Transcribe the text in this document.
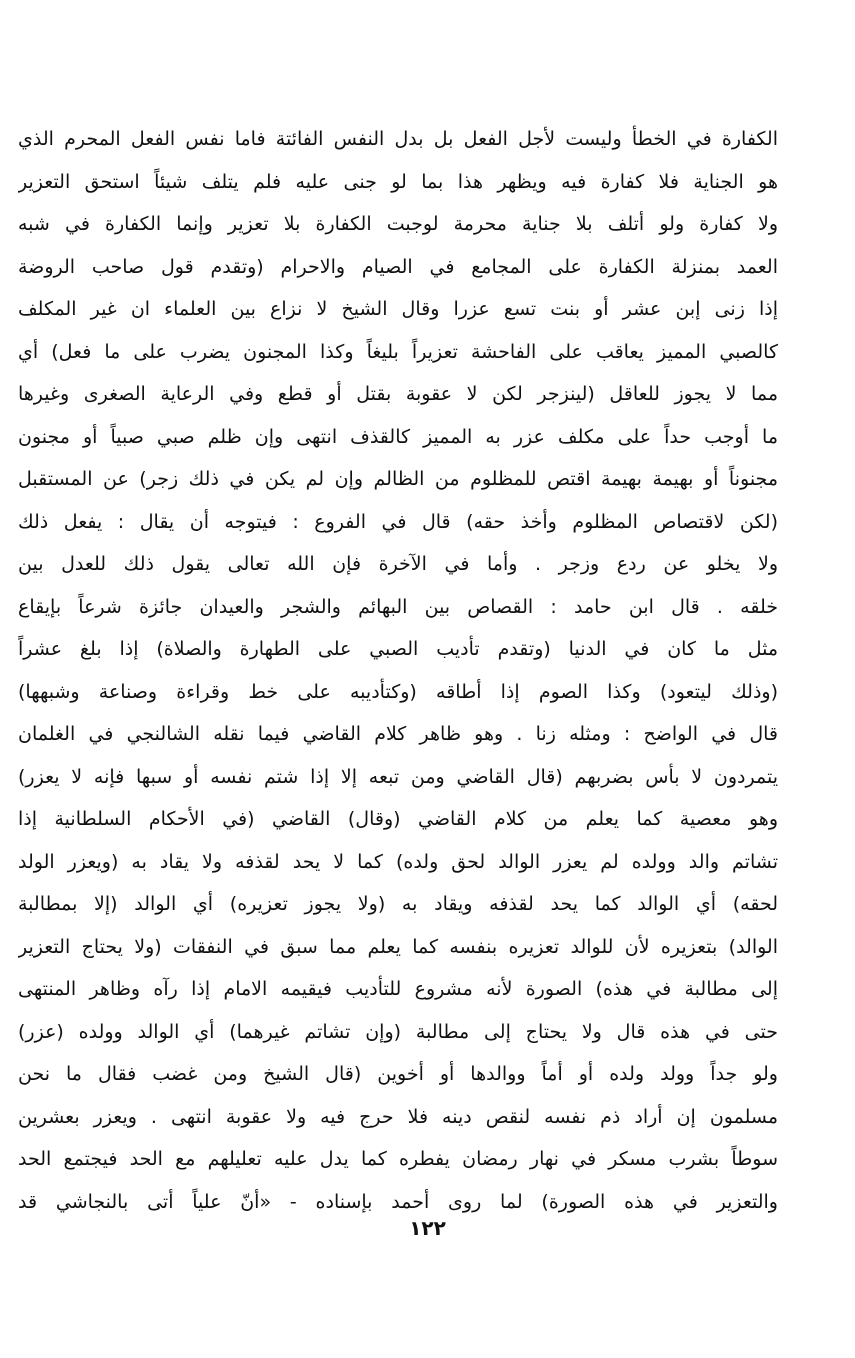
الكفارة في الخطأ وليست لأجل الفعل بل بدل النفس الفائتة فاما نفس الفعل المحرم الذي
هو الجناية فلا كفارة فيه ويظهر هذا بما لو جنى عليه فلم يتلف شيئاً استحق التعزير
ولا كفارة ولو أتلف بلا جناية محرمة لوجبت الكفارة بلا تعزير وإنما الكفارة في شبه
العمد بمنزلة الكفارة على المجامع في الصيام والاحرام (وتقدم قول صاحب الروضة
إذا زنى إبن عشر أو بنت تسع عزرا وقال الشيخ لا نزاع بين العلماء ان غير المكلف
كالصبي المميز يعاقب على الفاحشة تعزيراً بليغاً وكذا المجنون يضرب على ما فعل) أي
مما لا يجوز للعاقل (لينزجر لكن لا عقوبة بقتل أو قطع وفي الرعاية الصغرى وغيرها
ما أوجب حداً على مكلف عزر به المميز كالقذف انتهى وإن ظلم صبي صبياً أو مجنون
مجنوناً أو بهيمة بهيمة اقتص للمظلوم من الظالم وإن لم يكن في ذلك زجر) عن المستقبل
(لكن لاقتصاص المظلوم وأخذ حقه) قال في الفروع : فيتوجه أن يقال : يفعل ذلك
ولا يخلو عن ردع وزجر . وأما في الآخرة فإن الله تعالى يقول ذلك للعدل بين
خلقه . قال ابن حامد : القصاص بين البهائم والشجر والعيدان جائزة شرعاً بإيقاع
مثل ما كان في الدنيا (وتقدم تأديب الصبي على الطهارة والصلاة) إذا بلغ عشراً
(وذلك ليتعود) وكذا الصوم إذا أطاقه (وكتأديبه على خط وقراءة وصناعة وشبهها)
قال في الواضح : ومثله زنا . وهو ظاهر كلام القاضي فيما نقله الشالنجي في الغلمان
يتمردون لا بأس بضربهم (قال القاضي ومن تبعه إلا إذا شتم نفسه أو سبها فإنه لا يعزر)
وهو معصية كما يعلم من كلام القاضي (وقال) القاضي (في الأحكام السلطانية إذا
تشاتم والد وولده لم يعزر الوالد لحق ولده) كما لا يحد لقذفه ولا يقاد به (ويعزر الولد
لحقه) أي الوالد كما يحد لقذفه ويقاد به (ولا يجوز تعزيره) أي الوالد (إلا بمطالبة
الوالد) بتعزيره لأن للوالد تعزيره بنفسه كما يعلم مما سبق في النفقات (ولا يحتاج التعزير
إلى مطالبة في هذه) الصورة لأنه مشروع للتأديب فيقيمه الامام إذا رآه وظاهر المنتهى
حتى في هذه قال ولا يحتاج إلى مطالبة (وإن تشاتم غيرهما) أي الوالد وولده (عزر)
ولو جداً وولد ولده أو أماً ووالدها أو أخوين (قال الشيخ ومن غضب فقال ما نحن
مسلمون إن أراد ذم نفسه لنقص دينه فلا حرج فيه ولا عقوبة انتهى . ويعزر بعشرين
سوطاً بشرب مسكر في نهار رمضان يفطره كما يدل عليه تعليلهم مع الحد فيجتمع الحد
والتعزير في هذه الصورة) لما روى أحمد بإسناده - «أنّ علياً أتى بالنجاشي قد
١٢٢
